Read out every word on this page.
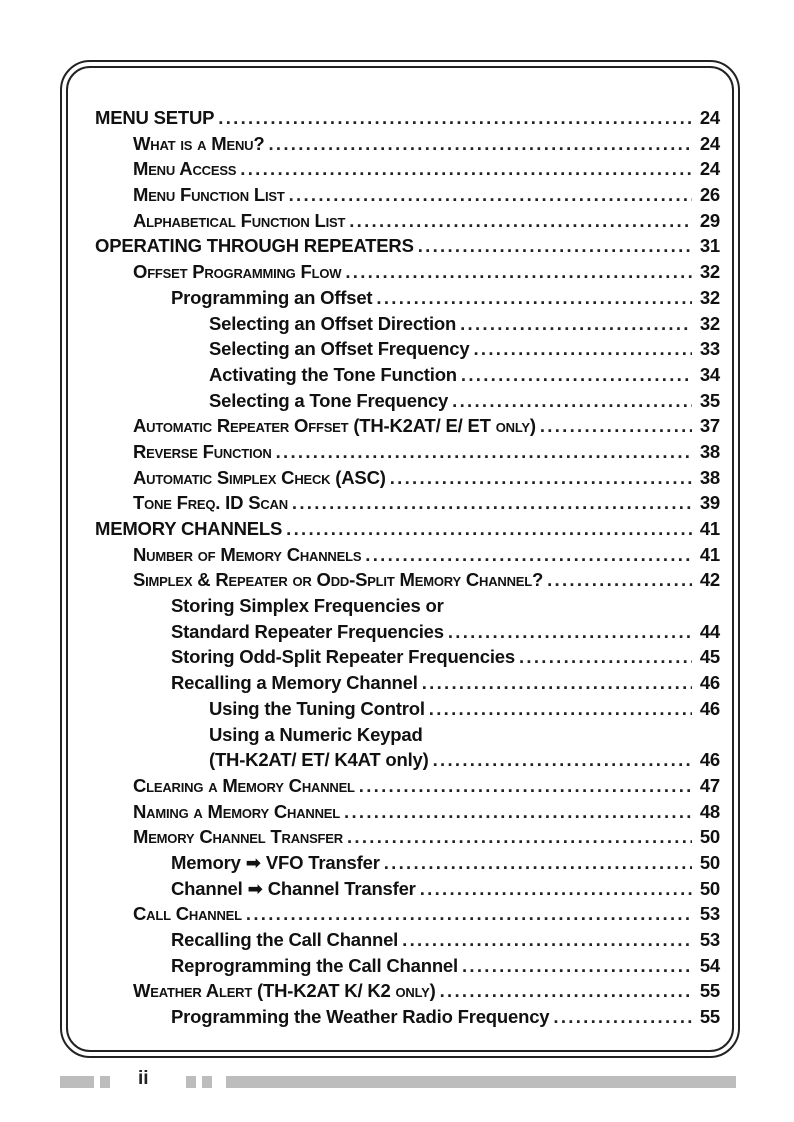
MENU SETUP .....	24
What is a Menu? .....	24
Menu Access .....	24
Menu Function List .....	26
Alphabetical Function List .....	29
OPERATING THROUGH REPEATERS .....	31
Offset Programming Flow .....	32
Programming an Offset .....	32
Selecting an Offset Direction .....	32
Selecting an Offset Frequency .....	33
Activating the Tone Function .....	34
Selecting a Tone Frequency .....	35
Automatic Repeater Offset (TH-K2AT/ E/ ET only) .....	37
Reverse Function .....	38
Automatic Simplex Check (ASC) .....	38
Tone Freq. ID Scan .....	39
MEMORY CHANNELS .....	41
Number of Memory Channels .....	41
Simplex & Repeater or Odd-Split Memory Channel? .....	42
Storing Simplex Frequencies or
Standard Repeater Frequencies .....	44
Storing Odd-Split Repeater Frequencies .....	45
Recalling a Memory Channel .....	46
Using the Tuning Control .....	46
Using a Numeric Keypad
(TH-K2AT/ ET/ K4AT only) .....	46
Clearing a Memory Channel .....	47
Naming a Memory Channel .....	48
Memory Channel Transfer .....	50
Memory ➡ VFO Transfer .....	50
Channel ➡ Channel Transfer .....	50
Call Channel .....	53
Recalling the Call Channel .....	53
Reprogramming the Call Channel .....	54
Weather Alert (TH-K2AT K/ K2 only) .....	55
Programming the Weather Radio Frequency .....	55
ii
